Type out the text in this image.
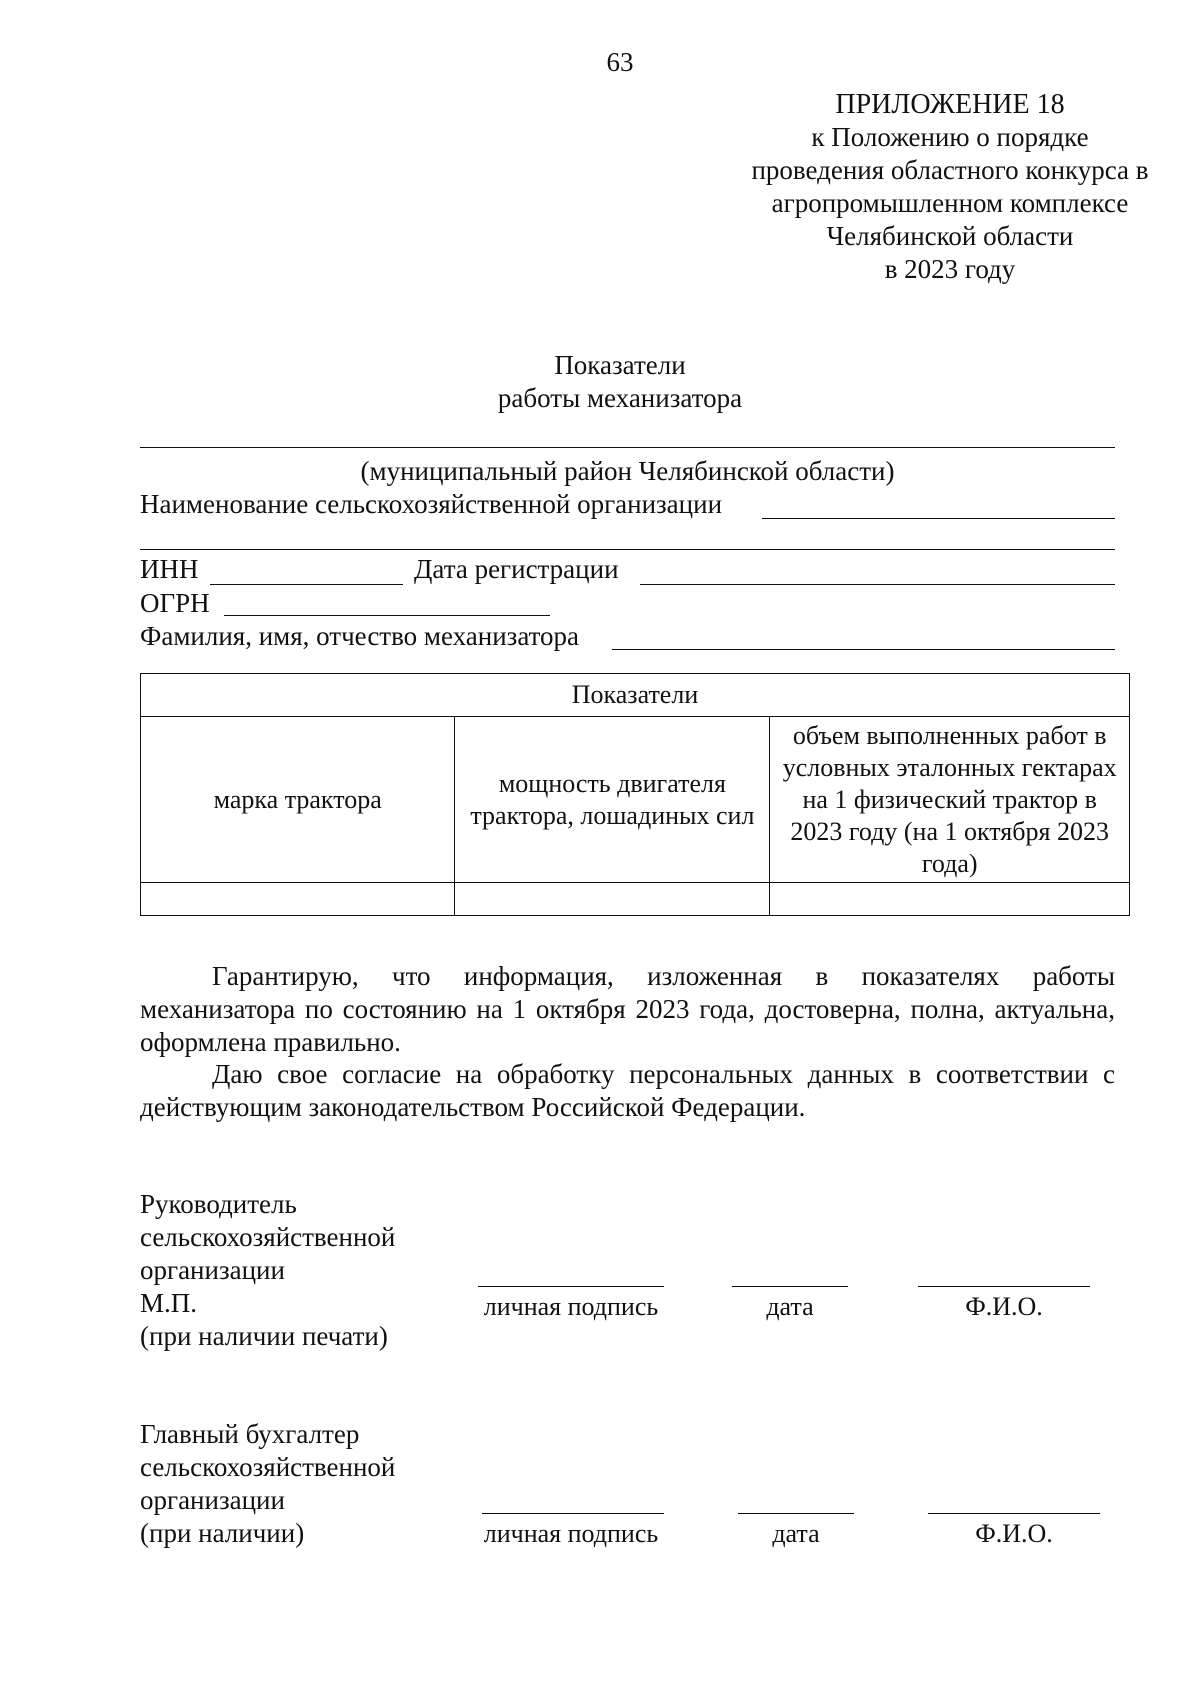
63
ПРИЛОЖЕНИЕ 18
к Положению о порядке
проведения областного конкурса в
агропромышленном комплексе
Челябинской области
в 2023 году
Показатели
работы механизатора
(муниципальный район Челябинской области)
Наименование сельскохозяйственной организации
ИНН	Дата регистрации
ОГРН
Фамилия, имя, отчество механизатора
Показатели		
марка трактора	мощность двигателя трактора, лошадиных сил	объем выполненных работ в условных эталонных гектарах на 1 физический трактор в 2023 году (на 1 октября 2023 года)

Гарантирую, что информация, изложенная в показателях работы механизатора по состоянию на 1 октября 2023 года, достоверна, полна, актуальна, оформлена правильно.
Даю свое согласие на обработку персональных данных в соответствии с действующим законодательством Российской Федерации.
Руководитель
сельскохозяйственной
организации
М.П.
(при наличии печати)
личная подпись	дата	Ф.И.О.
Главный бухгалтер
сельскохозяйственной
организации
(при наличии)	личная подпись	дата	Ф.И.О.
